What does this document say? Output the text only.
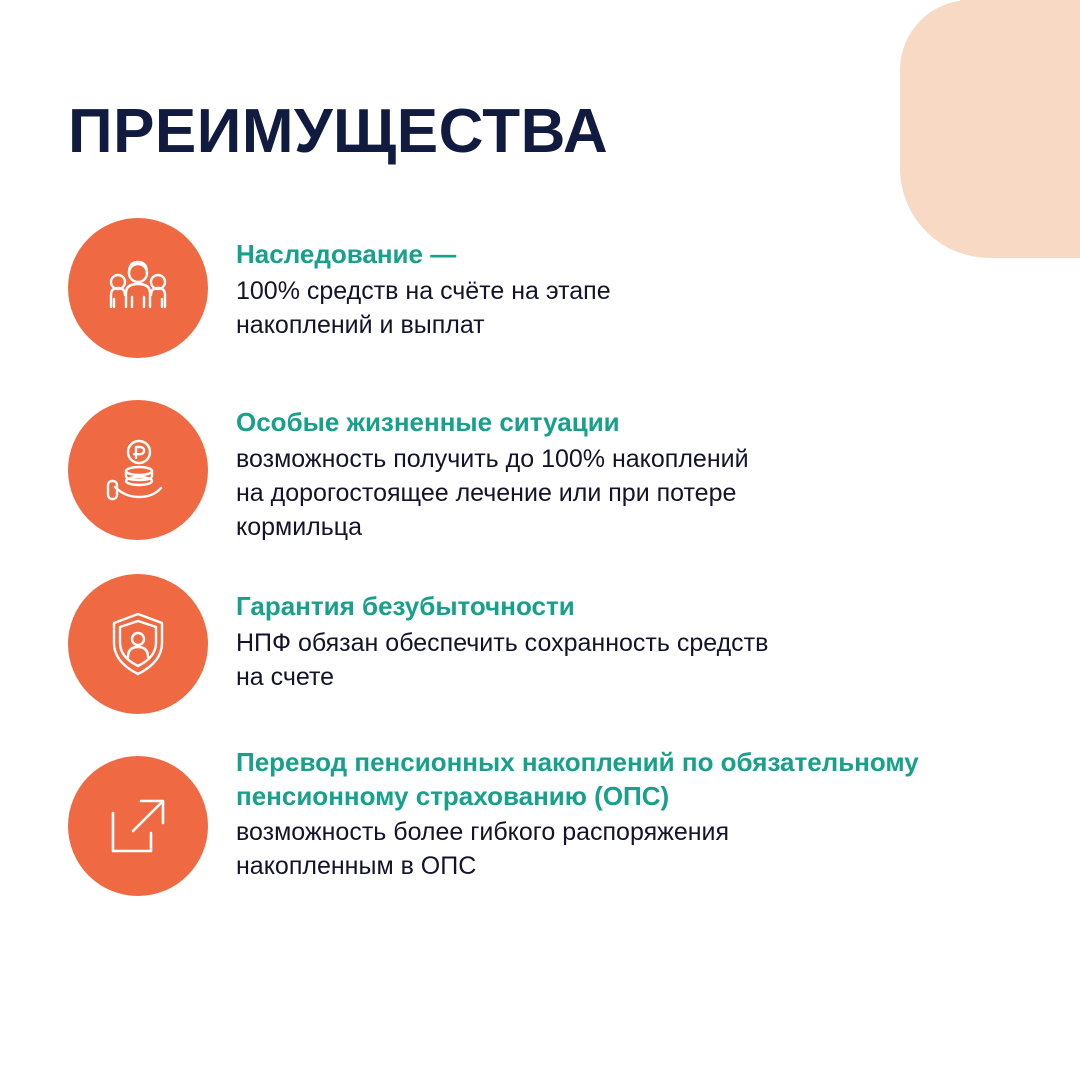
ПРЕИМУЩЕСТВА

Наследование —

100% средств на счёте на этапе
накоплений и выплат

Особые жизненные ситуации

возможность получить до 100% накоплений
на дорогостоящее лечение или при потере
кормильца

Гарантия безубыточности

НПФ обязан обеспечить сохранность средств
на счете

Перевод пенсионных накоплений по обязательному пенсионному страхованию (ОПС)

возможность более гибкого распоряжения
накопленным в ОПС
